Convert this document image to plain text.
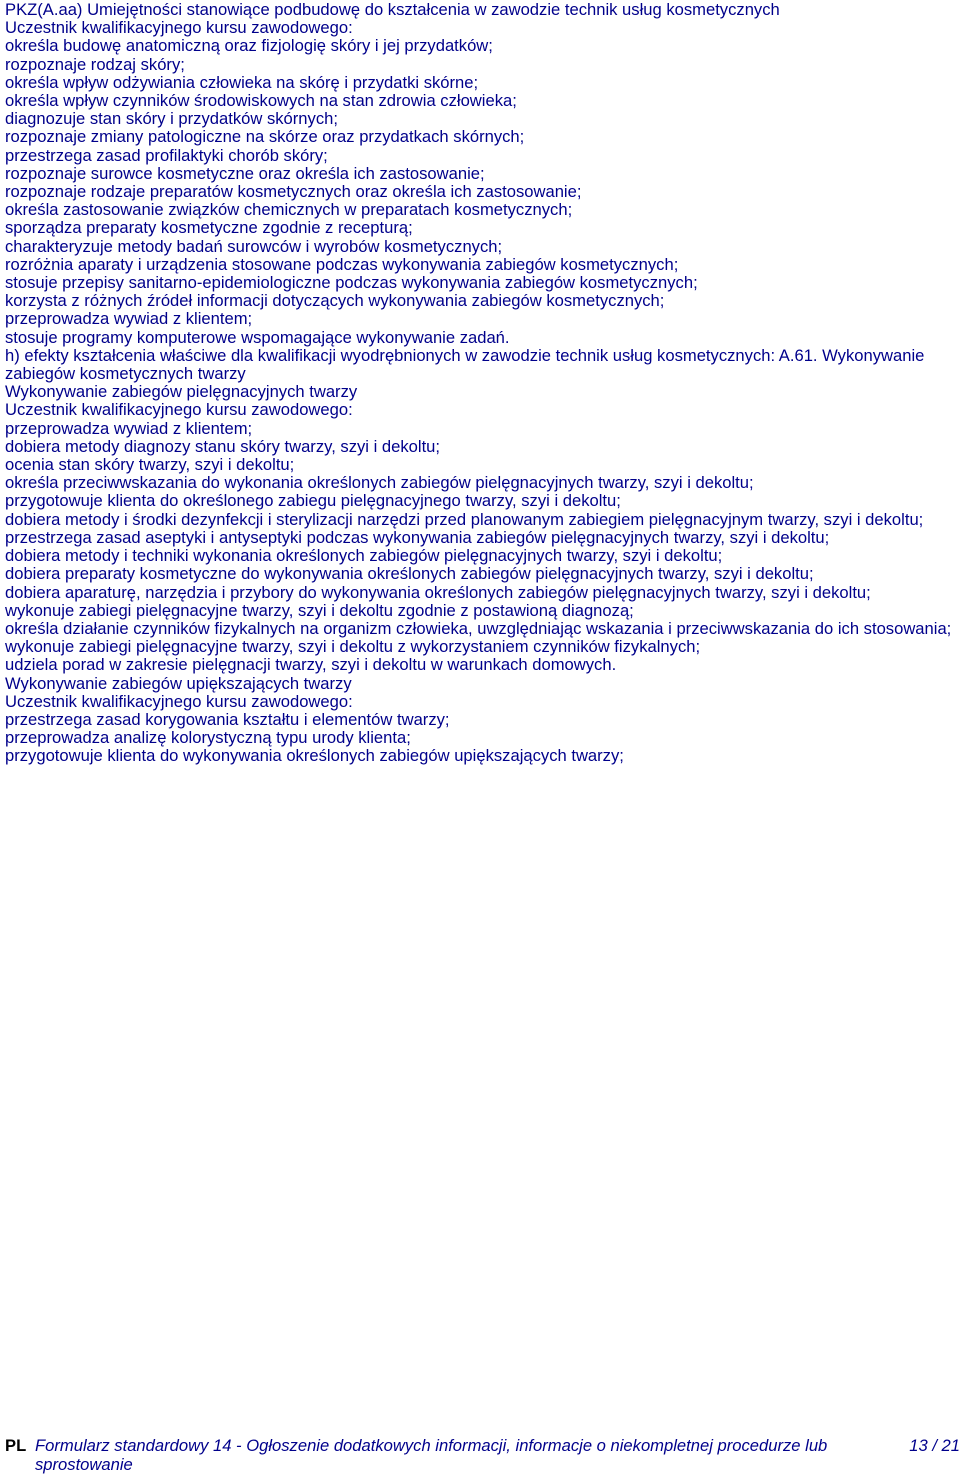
PKZ(A.aa) Umiejętności stanowiące podbudowę do kształcenia w zawodzie technik usług kosmetycznych
Uczestnik kwalifikacyjnego kursu zawodowego:
określa budowę anatomiczną oraz fizjologię skóry i jej przydatków;
rozpoznaje rodzaj skóry;
określa wpływ odżywiania człowieka na skórę i przydatki skórne;
określa wpływ czynników środowiskowych na stan zdrowia człowieka;
diagnozuje stan skóry i przydatków skórnych;
rozpoznaje zmiany patologiczne na skórze oraz przydatkach skórnych;
przestrzega zasad profilaktyki chorób skóry;
rozpoznaje surowce kosmetyczne oraz określa ich zastosowanie;
rozpoznaje rodzaje preparatów kosmetycznych oraz określa ich zastosowanie;
określa zastosowanie związków chemicznych w preparatach kosmetycznych;
sporządza preparaty kosmetyczne zgodnie z recepturą;
charakteryzuje metody badań surowców i wyrobów kosmetycznych;
rozróżnia aparaty i urządzenia stosowane podczas wykonywania zabiegów kosmetycznych;
stosuje przepisy sanitarno-epidemiologiczne podczas wykonywania zabiegów kosmetycznych;
korzysta z różnych źródeł informacji dotyczących wykonywania zabiegów kosmetycznych;
przeprowadza wywiad z klientem;
stosuje programy komputerowe wspomagające wykonywanie zadań.
h) efekty kształcenia właściwe dla kwalifikacji wyodrębnionych w zawodzie technik usług kosmetycznych: A.61. Wykonywanie zabiegów kosmetycznych twarzy
Wykonywanie zabiegów pielęgnacyjnych twarzy
Uczestnik kwalifikacyjnego kursu zawodowego:
przeprowadza wywiad z klientem;
dobiera metody diagnozy stanu skóry twarzy, szyi i dekoltu;
ocenia stan skóry twarzy, szyi i dekoltu;
określa przeciwwskazania do wykonania określonych zabiegów pielęgnacyjnych twarzy, szyi i dekoltu;
przygotowuje klienta do określonego zabiegu pielęgnacyjnego twarzy, szyi i dekoltu;
dobiera metody i środki dezynfekcji i sterylizacji narzędzi przed planowanym zabiegiem pielęgnacyjnym twarzy, szyi i dekoltu;
przestrzega zasad aseptyki i antyseptyki podczas wykonywania zabiegów pielęgnacyjnych twarzy, szyi i dekoltu;
dobiera metody i techniki wykonania określonych zabiegów pielęgnacyjnych twarzy, szyi i dekoltu;
dobiera preparaty kosmetyczne do wykonywania określonych zabiegów pielęgnacyjnych twarzy, szyi i dekoltu;
dobiera aparaturę, narzędzia i przybory do wykonywania określonych zabiegów pielęgnacyjnych twarzy, szyi i dekoltu;
wykonuje zabiegi pielęgnacyjne twarzy, szyi i dekoltu zgodnie z postawioną diagnozą;
określa działanie czynników fizykalnych na organizm człowieka, uwzględniając wskazania i przeciwwskazania do ich stosowania;
wykonuje zabiegi pielęgnacyjne twarzy, szyi i dekoltu z wykorzystaniem czynników fizykalnych;
udziela porad w zakresie pielęgnacji twarzy, szyi i dekoltu w warunkach domowych.
Wykonywanie zabiegów upiększających twarzy
Uczestnik kwalifikacyjnego kursu zawodowego:
przestrzega zasad korygowania kształtu i elementów twarzy;
przeprowadza analizę kolorystyczną typu urody klienta;
przygotowuje klienta do wykonywania określonych zabiegów upiększających twarzy;
PL Formularz standardowy 14 - Ogłoszenie dodatkowych informacji, informacje o niekompletnej procedurze lub sprostowanie
13 / 21
